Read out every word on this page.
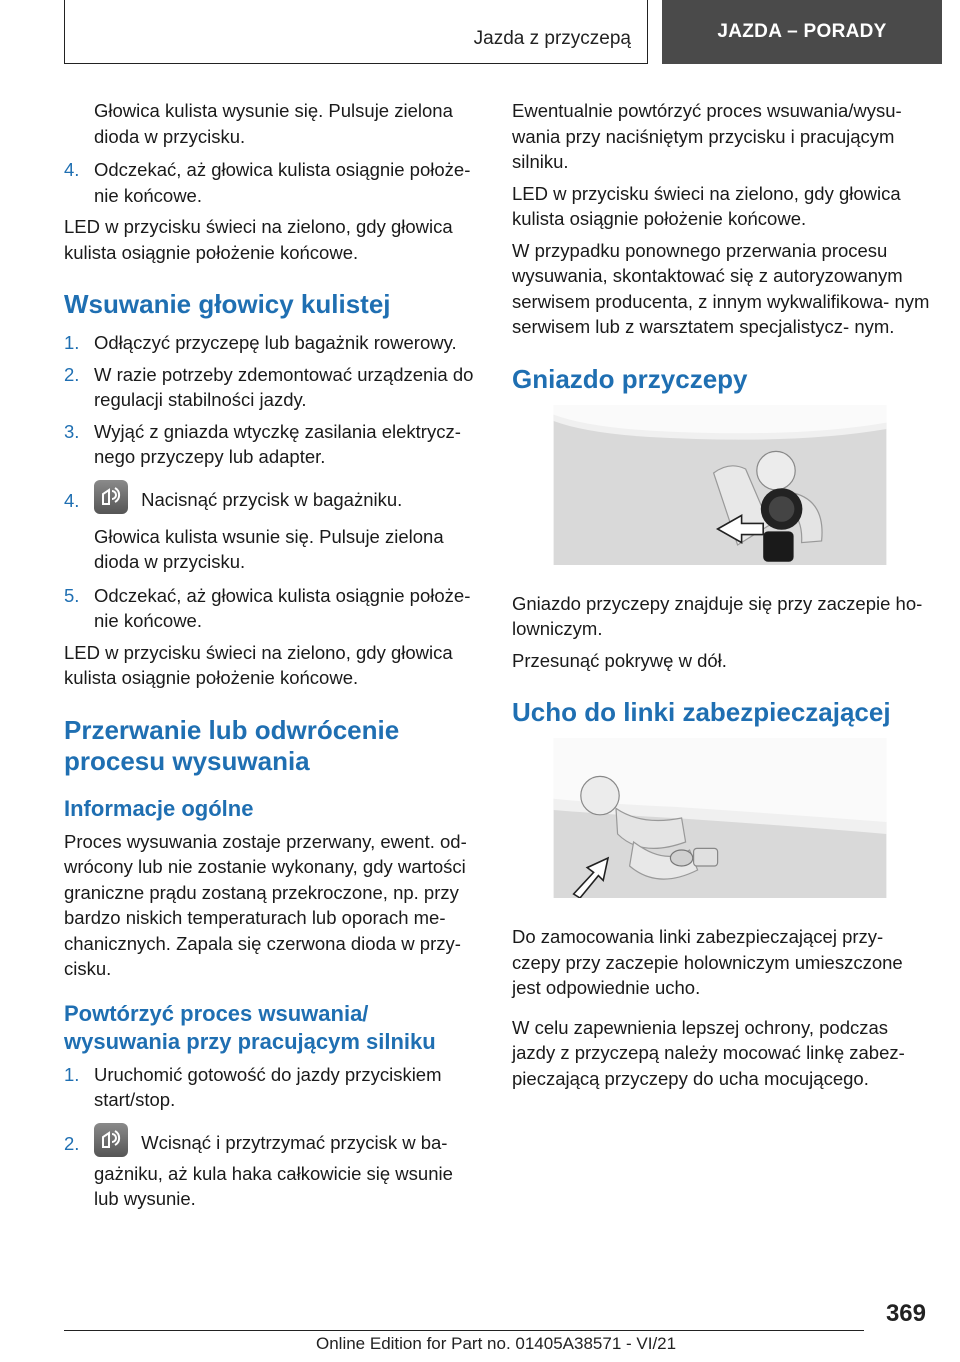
Jazda z przyczepą	JAZDA – PORADY

Głowica kulista wysunie się. Pulsuje zielona dioda w przycisku.

4. Odczekać, aż głowica kulista osiągnie położe- nie końcowe.

LED w przycisku świeci na zielono, gdy głowica kulista osiągnie położenie końcowe.

Wsuwanie głowicy kulistej
1. Odłączyć przyczepę lub bagażnik rowerowy.
2. W razie potrzeby zdemontować urządzenia do regulacji stabilności jazdy.
3. Wyjąć z gniazda wtyczkę zasilania elektrycz- nego przyczepy lub adapter.
4.	Nacisnąć przycisk w bagażniku.

Głowica kulista wsunie się. Pulsuje zielona dioda w przycisku.

5. Odczekać, aż głowica kulista osiągnie położe- nie końcowe.

LED w przycisku świeci na zielono, gdy głowica kulista osiągnie położenie końcowe.

Przerwanie lub odwrócenie procesu wysuwania
Informacje ogólne

Proces wysuwania zostaje przerwany, ewent. od- wrócony lub nie zostanie wykonany, gdy wartości graniczne prądu zostaną przekroczone, np. przy bardzo niskich temperaturach lub oporach me- chanicznych. Zapala się czerwona dioda w przy- cisku.

Powtórzyć proces wsuwania/ wysuwania przy pracującym silniku
1. Uruchomić gotowość do jazdy przyciskiem start/stop.
2.	Wcisnąć i przytrzymać przycisk w ba- gażniku, aż kula haka całkowicie się wsunie lub wysunie.

Ewentualnie powtórzyć proces wsuwania/wysu- wania przy naciśniętym przycisku i pracującym silniku.

LED w przycisku świeci na zielono, gdy głowica kulista osiągnie położenie końcowe.

W przypadku ponownego przerwania procesu wysuwania, skontaktować się z autoryzowanym serwisem producenta, z innym wykwalifikowa- nym serwisem lub z warsztatem specjalistycz- nym.

Gniazdo przyczepy

Gniazdo przyczepy znajduje się przy zaczepie ho- lowniczym.

Przesunąć pokrywę w dół.

Ucho do linki zabezpieczającej

Do zamocowania linki zabezpieczającej przy- czepy przy zaczepie holowniczym umieszczone jest odpowiednie ucho.

W celu zapewnienia lepszej ochrony, podczas jazdy z przyczepą należy mocować linkę zabez- pieczającą przyczepy do ucha mocującego.

369
Online Edition for Part no. 01405A38571 - VI/21
